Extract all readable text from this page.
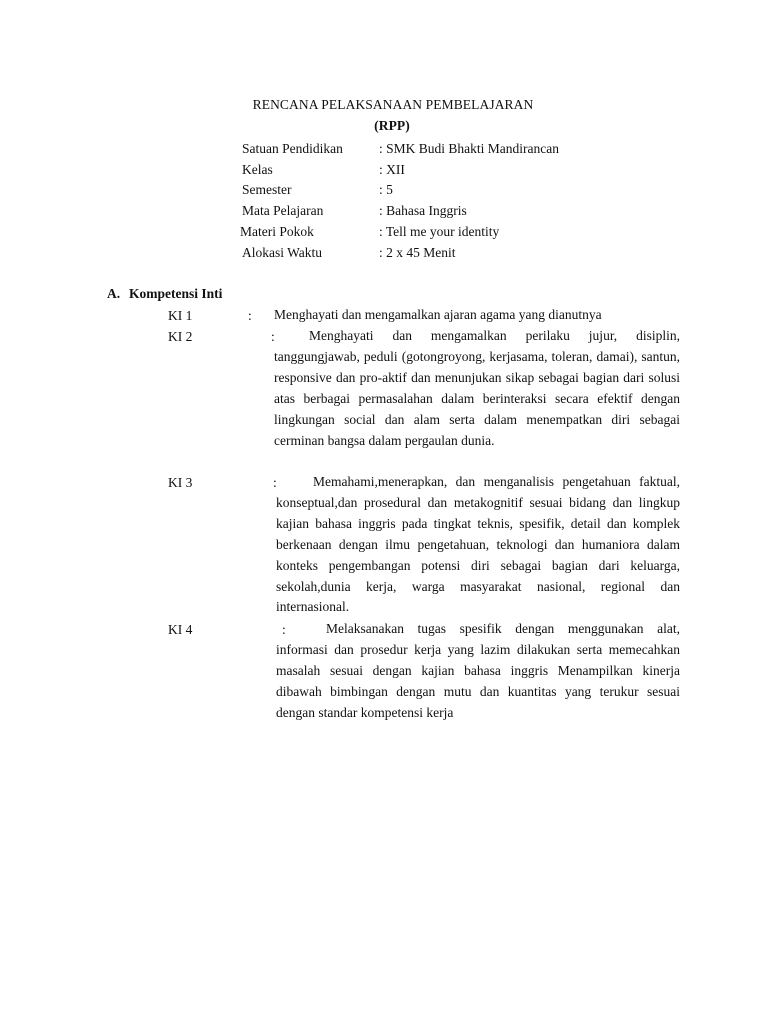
RENCANA PELAKSANAAN PEMBELAJARAN
(RPP)
Satuan Pendidikan	: SMK Budi Bhakti Mandirancan
Kelas	: XII
Semester	: 5
Mata Pelajaran	: Bahasa Inggris
Materi Pokok	: Tell me your identity
Alokasi Waktu	: 2 x 45 Menit
A. Kompetensi Inti
KI 1	: Menghayati dan mengamalkan ajaran agama yang dianutnya
KI 2	:	Menghayati dan mengamalkan perilaku jujur, disiplin, tanggungjawab, peduli (gotongroyong, kerjasama, toleran, damai), santun, responsive dan pro-aktif dan menunjukan sikap sebagai bagian dari solusi atas berbagai permasalahan dalam berinteraksi secara efektif dengan lingkungan social dan alam serta dalam menempatkan diri sebagai cerminan bangsa dalam pergaulan dunia.
KI 3	:	Memahami,menerapkan, dan menganalisis pengetahuan faktual, konseptual,dan prosedural dan metakognitif sesuai bidang dan lingkup kajian bahasa inggris pada tingkat teknis, spesifik, detail dan komplek berkenaan dengan ilmu pengetahuan, teknologi dan humaniora dalam konteks pengembangan potensi diri sebagai bagian dari keluarga, sekolah,dunia kerja, warga masyarakat nasional, regional dan internasional.
KI 4	:	Melaksanakan tugas spesifik dengan menggunakan alat, informasi dan prosedur kerja yang lazim dilakukan serta memecahkan masalah sesuai dengan kajian bahasa inggris Menampilkan kinerja dibawah bimbingan dengan mutu dan kuantitas yang terukur sesuai dengan standar kompetensi kerja
